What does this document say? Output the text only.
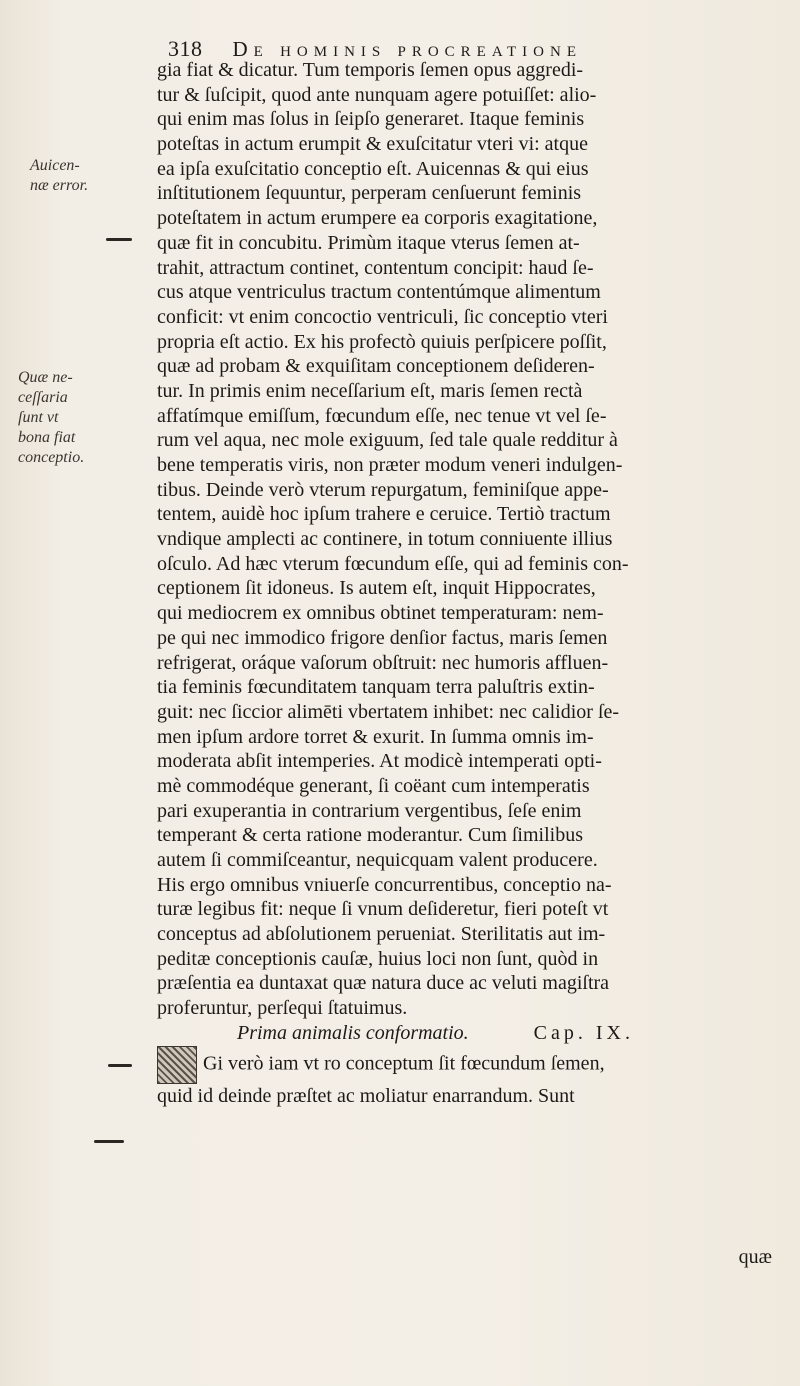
318 De hominis procreatione
Auicen-
næ error.
Quæ ne-
ceſſaria
ſunt vt
bona fiat
conceptio.
gia fiat & dicatur. Tum temporis ſemen opus aggredi-
tur & ſuſcipit, quod ante nunquam agere potuiſſet: alio-
qui enim mas ſolus in ſeipſo generaret. Itaque feminis
poteſtas in actum erumpit & exuſcitatur vteri vi: atque
ea ipſa exuſcitatio conceptio eſt. Auicennas & qui eius
inſtitutionem ſequuntur, perperam cenſuerunt feminis
poteſtatem in actum erumpere ea corporis exagitatione,
quæ fit in concubitu. Primùm itaque vterus ſemen at-
trahit, attractum continet, contentum concipit: haud ſe-
cus atque ventriculus tractum contentúmque alimentum
conficit: vt enim concoctio ventriculi, ſic conceptio vteri
propria eſt actio. Ex his profectò quiuis perſpicere poſſit,
quæ ad probam & exquiſitam conceptionem deſideren-
tur. In primis enim neceſſarium eſt, maris ſemen rectà
affatímque emiſſum, fœcundum eſſe, nec tenue vt vel ſe-
rum vel aqua, nec mole exiguum, ſed tale quale redditur à
bene temperatis viris, non præter modum veneri indulgen-
tibus. Deinde verò vterum repurgatum, feminiſque appe-
tentem, auidè hoc ipſum trahere e ceruice. Tertiò tractum
vndique amplecti ac continere, in totum conniuente illius
oſculo. Ad hæc vterum fœcundum eſſe, qui ad feminis con-
ceptionem ſit idoneus. Is autem eſt, inquit Hippocrates,
qui mediocrem ex omnibus obtinet temperaturam: nem-
pe qui nec immodico frigore denſior factus, maris ſemen
refrigerat, oráque vaſorum obſtruit: nec humoris affluen-
tia feminis fœcunditatem tanquam terra paluſtris extin-
guit: nec ſiccior alimēti vbertatem inhibet: nec calidior ſe-
men ipſum ardore torret & exurit. In ſumma omnis im-
moderata abſit intemperies. At modicè intemperati opti-
mè commodéque generant, ſi coëant cum intemperatis
pari exuperantia in contrarium vergentibus, ſeſe enim
temperant & certa ratione moderantur. Cum ſimilibus
autem ſi commiſceantur, nequicquam valent producere.
His ergo omnibus vniuerſe concurrentibus, conceptio na-
turæ legibus fit: neque ſi vnum deſideretur, fieri poteſt vt
conceptus ad abſolutionem perueniat. Sterilitatis aut im-
peditæ conceptionis cauſæ, huius loci non ſunt, quòd in
præſentia ea duntaxat quæ natura duce ac veluti magiſtra
proferuntur, perſequi ſtatuimus.
Prima animalis conformatio.	Cap. IX.
Gi verò iam vt ro conceptum ſit fœcundum ſemen,
quid id deinde præſtet ac moliatur enarrandum. Sunt
quæ
